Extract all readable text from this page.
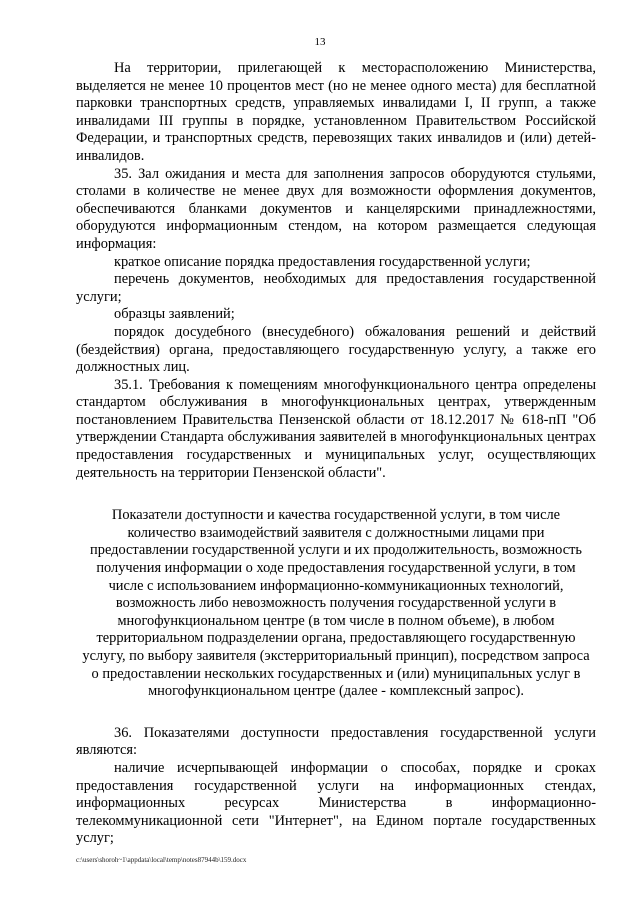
13

На территории, прилегающей к месторасположению Министерства, выделяется не менее 10 процентов мест (но не менее одного места) для бесплатной парковки транспортных средств, управляемых инвалидами I, II групп, а также инвалидами III группы в порядке, установленном Правительством Российской Федерации, и транспортных средств, перевозящих таких инвалидов и (или) детей-инвалидов.

35. Зал ожидания и места для заполнения запросов оборудуются стульями, столами в количестве не менее двух для возможности оформления документов, обеспечиваются бланками документов и канцелярскими принадлежностями, оборудуются информационным стендом, на котором размещается следующая информация:

краткое описание порядка предоставления государственной услуги;

перечень документов, необходимых для предоставления государственной услуги;

образцы заявлений;

порядок досудебного (внесудебного) обжалования решений и действий (бездействия) органа, предоставляющего государственную услугу, а также его должностных лиц.

35.1. Требования к помещениям многофункционального центра определены стандартом обслуживания в многофункциональных центрах, утвержденным постановлением Правительства Пензенской области от 18.12.2017 № 618-пП "Об утверждении Стандарта обслуживания заявителей в многофункциональных центрах предоставления государственных и муниципальных услуг, осуществляющих деятельность на территории Пензенской области".

Показатели доступности и качества государственной услуги, в том числе количество взаимодействий заявителя с должностными лицами при предоставлении государственной услуги и их продолжительность, возможность получения информации о ходе предоставления государственной услуги, в том числе с использованием информационно-коммуникационных технологий, возможность либо невозможность получения государственной услуги в многофункциональном центре (в том числе в полном объеме), в любом территориальном подразделении органа, предоставляющего государственную услугу, по выбору заявителя (экстерриториальный принцип), посредством запроса о предоставлении нескольких государственных и (или) муниципальных услуг в многофункциональном центре (далее - комплексный запрос).

36. Показателями доступности предоставления государственной услуги являются:

наличие исчерпывающей информации о способах, порядке и сроках предоставления государственной услуги на информационных стендах, информационных ресурсах Министерства в информационно-телекоммуникационной сети "Интернет", на Едином портале государственных услуг;

c:\users\shoroh~1\appdata\local\temp\notes87944b\159.docx
